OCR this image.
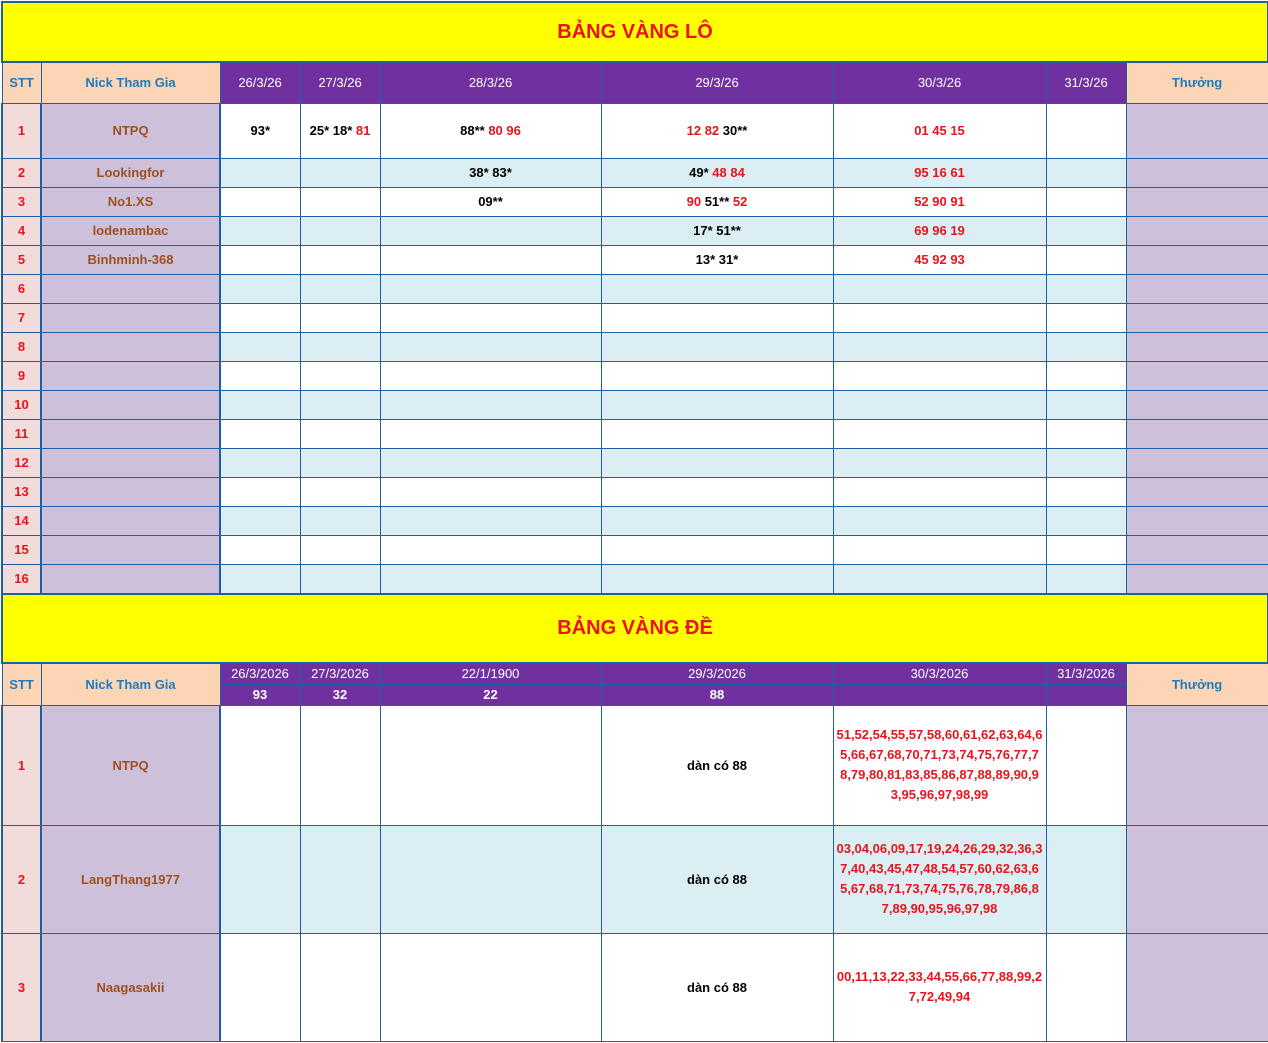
BẢNG VÀNG LÔ								
STT	Nick Tham Gia	26/3/26	27/3/26	28/3/26	29/3/26	30/3/26	31/3/26	Thưởng
1	NTPQ	93*	25* 18* 81	88** 80 96	12 82 30**	01 45 15		
2	Lookingfor			38* 83*	49* 48 84	95 16 61		
3	No1.XS			09**	90 51** 52	52 90 91		
4	lodenambac				17* 51**	69 96 19		
5	Binhminh-368				13* 31*	45 92 93		
6								
7								
8								
9								
10								
11								
12								
13								
14								
15								
16								
BẢNG VÀNG ĐỀ								
STT	Nick Tham Gia	26/3/2026	27/3/2026	22/1/1900	29/3/2026	30/3/2026	31/3/2026	Thưởng
		93	32	22	88			
1	NTPQ				dàn có 88	51,52,54,55,57,58,60,61,62,63,64,65,66,67,68,70,71,73,74,75,76,77,78,79,80,81,83,85,86,87,88,89,90,93,95,96,97,98,99		

2	LangThang1977				dàn có 88	03,04,06,09,17,19,24,26,29,32,36,37,40,43,45,47,48,54,57,60,62,63,65,67,68,71,73,74,75,76,78,79,86,87,89,90,95,96,97,98		

3	Naagasakii				dàn có 88	00,11,13,22,33,44,55,66,77,88,99,27,72,49,94		
